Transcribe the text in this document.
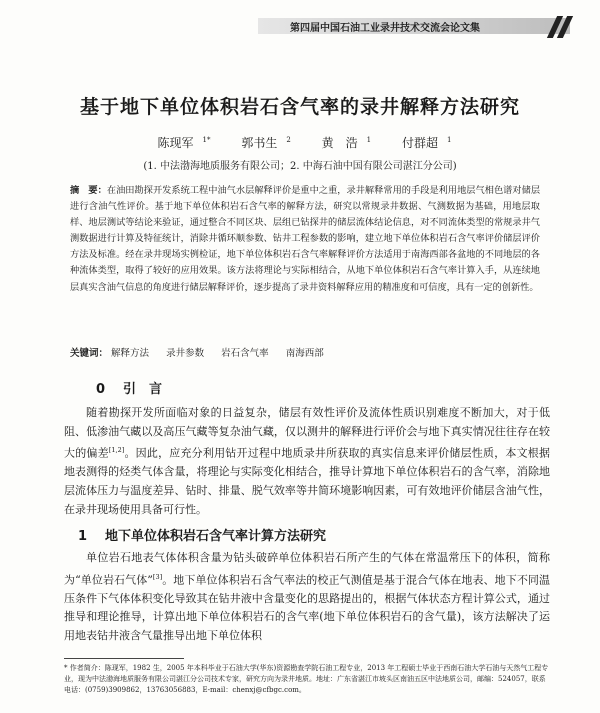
第四届中国石油工业录井技术交流会论文集
基于地下单位体积岩石含气率的录井解释方法研究
陈现军 $^{1*}$	郭书生 $^2$	黄　浩 $^1$	付群超 $^1$
(1. 中法渤海地质服务有限公司；2. 中海石油中国有限公司湛江分公司)
摘　要：在油田勘探开发系统工程中油气水层解释评价是重中之重，录井解释常用的手段是利用地层气相色谱对储层进行含油气性评价。基于地下单位体积岩石含气率的解释方法，研究以常规录井数据、气测数据为基础，用地层取样、地层测试等结论来验证，通过整合不同区块、层组已钻探井的储层流体结论信息，对不同流体类型的常规录井气测数据进行计算及特征统计，消除井循环顺参数、钻井工程参数的影响，建立地下单位体积岩石含气率评价储层评价方法及标准。经在录井现场实例检证，地下单位体积岩石含气率解释评价方法适用于南海西部各盆地的不同地层的各种流体类型，取得了较好的应用效果。该方法将理论与实际相结合，从地下单位体积岩石含气率计算入手，从连续地层真实含油气信息的角度进行储层解释评价，逐步提高了录井资料解释应用的精准度和可信度，具有一定的创新性。
关键词： 解释方法 录井参数 岩石含气率 南海西部
0 引　言
随着勘探开发所面临对象的日益复杂，储层有效性评价及流体性质识别难度不断加大，对于低阻、低渗油气藏以及高压气藏等复杂油气藏，仅以测井的解释进行评价会与地下真实情况往往存在较大的偏差[1,2]。因此，应充分利用钻开过程中地质录井所获取的真实信息来评价储层性质，本文根据地表测得的烃类气体含量，将理论与实际变化相结合，推导计算地下单位体积岩石的含气率，消除地层流体压力与温度差异、钻时、排量、脱气效率等井简环境影响因素，可有效地评价储层含油气性，在录井现场使用具备可行性。
1 地下单位体积岩石含气率计算方法研究
单位岩石地表气体体积含量为钻头破碎单位体积岩石所产生的气体在常温常压下的体积，简称为“单位岩石气体”[3]。地下单位体积岩石含气率法的校正气测值是基于混合气体在地表、地下不同温压条件下气体体积变化导致其在钻井液中含量变化的思路提出的，根据气体状态方程计算公式，通过推导和理论推导，计算出地下单位体积岩石的含气率(地下单位体积岩石的含气量)，该方法解决了运用地表钻井液含气量推导出地下单位体积
* 作者简介：陈现军，1982 生，2005 年本科毕业于石油大学(华东)资源勘查学院石油工程专业，2013 年工程硕士毕业于西南石油大学石油与天然气工程专业，现为中法渤海地质服务有限公司湛江分公司技术专家，研究方向为录井地质。地址：广东省湛江市坡头区南油五区中法地质公司，邮编：524057，联系电话：(0759)3909862，13763056883，E-mail：chenxj@cfbgc.com。
